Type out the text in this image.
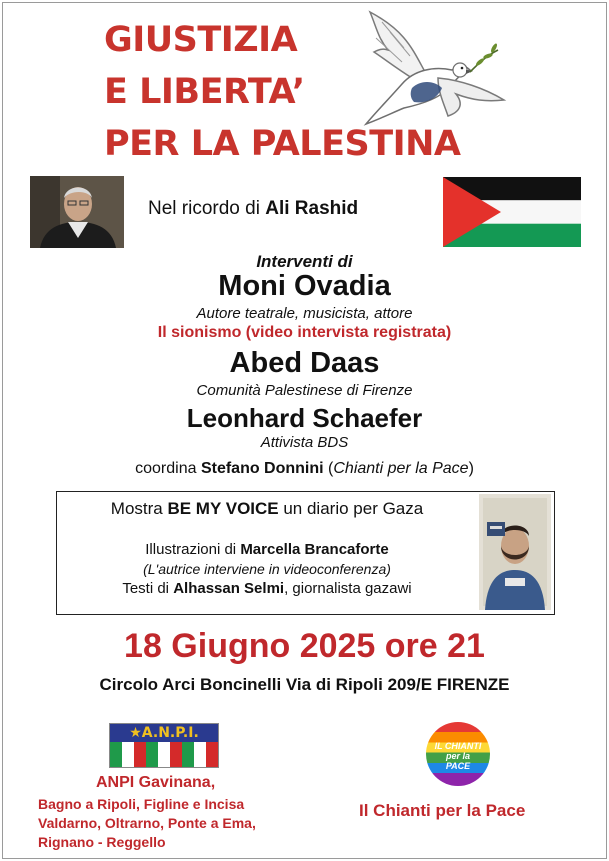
GIUSTIZIA
E LIBERTA’
PER LA PALESTINA
Nel ricordo di Ali Rashid
Interventi di
Moni Ovadia
Autore teatrale, musicista, attore
Il sionismo (video intervista registrata)
Abed Daas
Comunità Palestinese di Firenze
Leonhard Schaefer
Attivista BDS
coordina Stefano Donnini (Chianti per la Pace)
Mostra BE MY VOICE un diario per Gaza
Illustrazioni di Marcella Brancaforte
(L'autrice interviene in videoconferenza)
Testi di Alhassan Selmi, giornalista gazawi
18 Giugno 2025 ore 21
Circolo Arci Boncinelli Via di Ripoli 209/E FIRENZE
★A.N.P.I.
ANPI Gavinana,
Bagno a Ripoli, Figline e Incisa
Valdarno, Oltrarno, Ponte a Ema,
Rignano - Reggello
IL CHIANTI
per la
PACE
Il Chianti per la Pace
